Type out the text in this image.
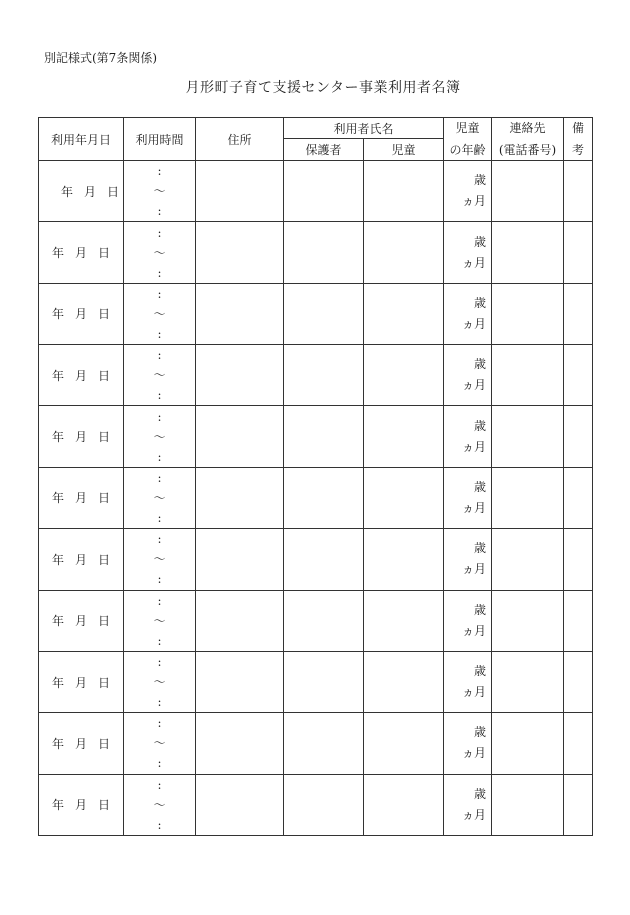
別記様式(第7条関係)
月形町子育て支援センター事業利用者名簿
利用年月日 利用時間	住所
利用者氏名
保護者	児童
児童
の年齢
連絡先
(電話番号)
備
考
年 月 日
:
〜
:
歳
ヵ月
年 月 日
:
〜
:
歳
ヵ月
年 月 日
:
〜
:
歳
ヵ月
年 月 日
:
〜
:
歳
ヵ月
年 月 日
:
〜
:
歳
ヵ月
年 月 日
:
〜
:
歳
ヵ月
年 月 日
:
〜
:
歳
ヵ月
年 月 日
:
〜
:
歳
ヵ月
年 月 日
:
〜
:
歳
ヵ月
年 月 日
:
〜
:
歳
ヵ月
年 月 日
:
〜
:
歳
ヵ月
